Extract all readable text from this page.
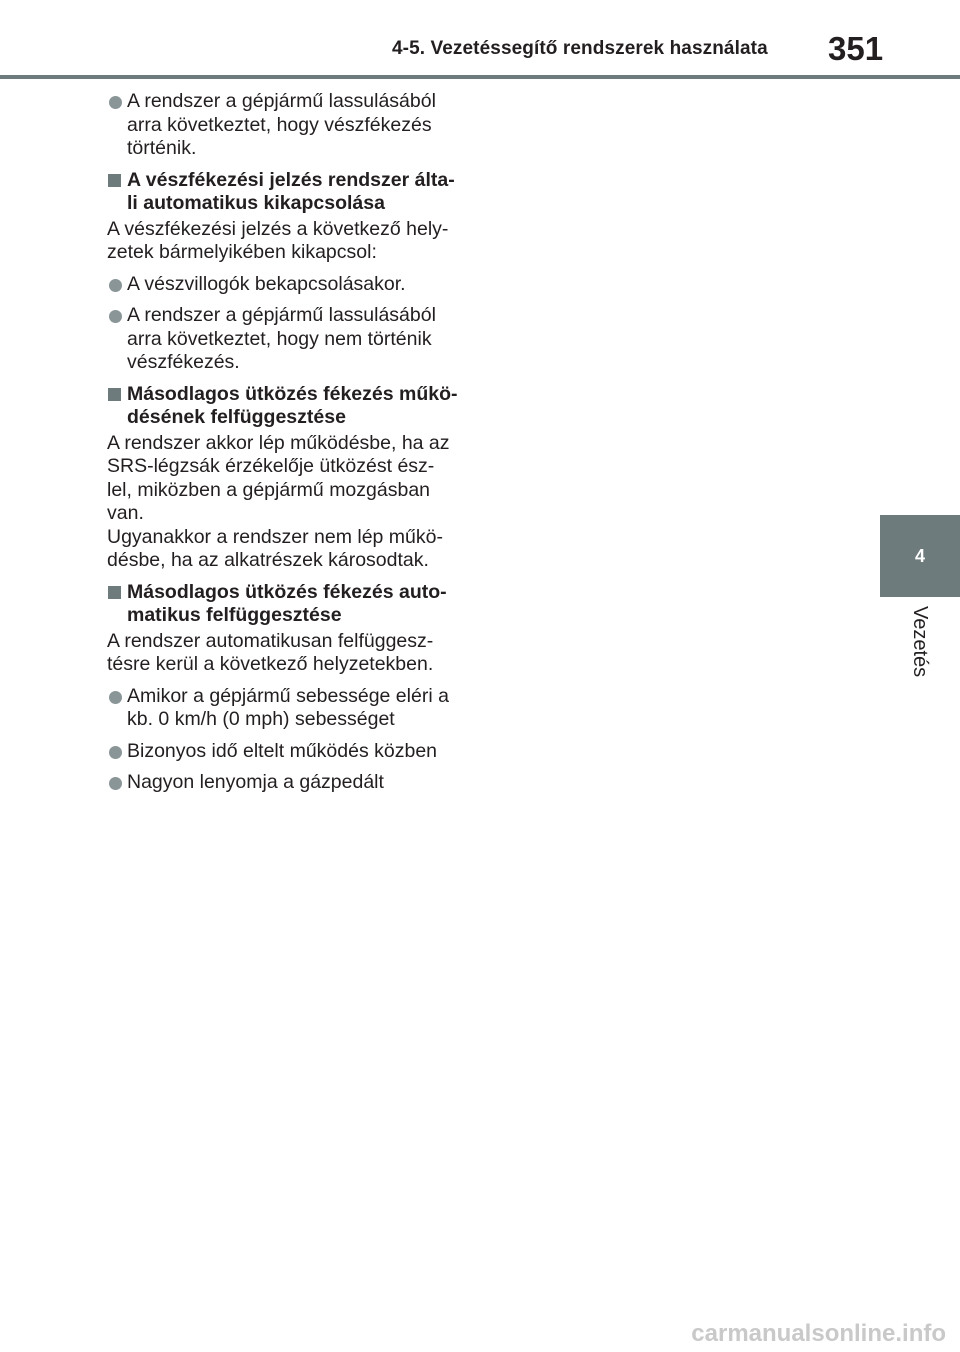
4-5. Vezetéssegítő rendszerek használata 351
4
Vezetés
A rendszer a gépjármű lassulásából
arra következtet, hogy vészfékezés
történik.
A vészfékezési jelzés rendszer álta-
li automatikus kikapcsolása
A vészfékezési jelzés a következő hely-
zetek bármelyikében kikapcsol:
A vészvillogók bekapcsolásakor.
A rendszer a gépjármű lassulásából
arra következtet, hogy nem történik
vészfékezés.
Másodlagos ütközés fékezés műkö-
désének felfüggesztése
A rendszer akkor lép működésbe, ha az
SRS-légzsák érzékelője ütközést ész-
lel, miközben a gépjármű mozgásban
van.
Ugyanakkor a rendszer nem lép műkö-
désbe, ha az alkatrészek károsodtak.
Másodlagos ütközés fékezés auto-
matikus felfüggesztése
A rendszer automatikusan felfüggesz-
tésre kerül a következő helyzetekben.
Amikor a gépjármű sebessége eléri a
kb. 0 km/h (0 mph) sebességet
Bizonyos idő eltelt működés közben
Nagyon lenyomja a gázpedált
carmanualsonline.info
